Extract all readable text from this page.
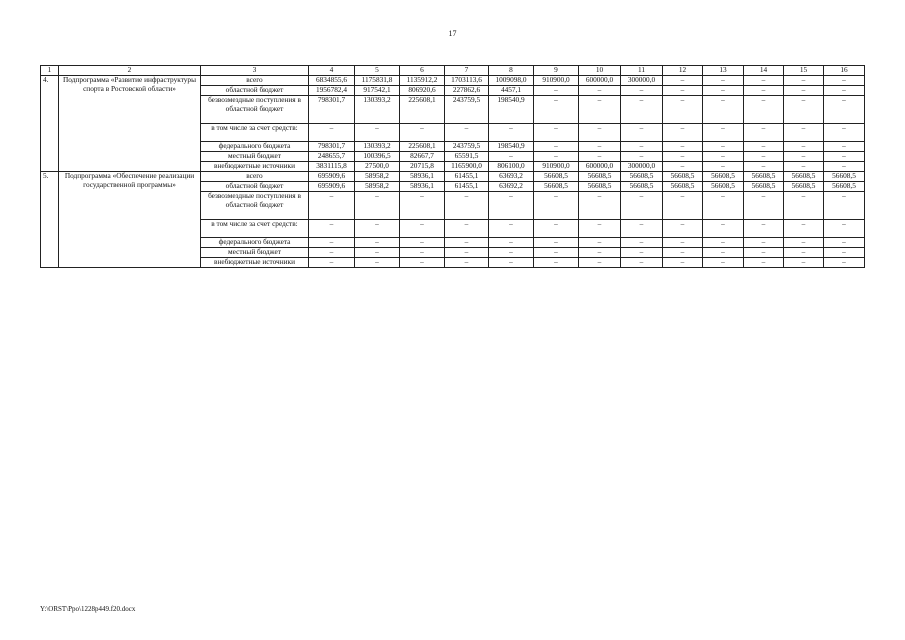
17
1	2	3	4	5	6	7	8	9	10	11	12	13	14	15	16
4.	Подпрограмма «Развитие инфраструктуры спорта в Ростовской области»	всего	6834855,6	1175831,8	1135912,2	1703113,6	1009098,0	910900,0	600000,0	300000,0	–	–	–	–	–
		областной бюджет	1956782,4	917542,1	806920,6	227862,6	4457,1	–	–	–	–	–	–	–	–
		безвозмездные поступления в областной бюджет	798301,7	130393,2	225608,1	243759,5	198540,9	–	–	–	–	–	–	–	–
		в том числе за счет средств:	–	–	–	–	–	–	–	–	–	–	–	–	–
		федерального бюджета	798301,7	130393,2	225608,1	243759,5	198540,9	–	–	–	–	–	–	–	–
		местный бюджет	248655,7	100396,5	82667,7	65591,5	–	–	–	–	–	–	–	–	–
		внебюджетные источники	3831115,8	27500,0	20715,8	1165900,0	806100,0	910900,0	600000,0	300000,0	–	–	–	–	–
5.	Подпрограмма «Обеспечение реализации государственной программы»	всего	695909,6	58958,2	58936,1	61455,1	63693,2	56608,5	56608,5	56608,5	56608,5	56608,5	56608,5	56608,5	56608,5
		областной бюджет	695909,6	58958,2	58936,1	61455,1	63692,2	56608,5	56608,5	56608,5	56608,5	56608,5	56608,5	56608,5	56608,5
		безвозмездные поступления в областной бюджет	–	–	–	–	–	–	–	–	–	–	–	–	–
		в том числе за счет средств:	–	–	–	–	–	–	–	–	–	–	–	–	–
		федерального бюджета	–	–	–	–	–	–	–	–	–	–	–	–	–
		местный бюджет	–	–	–	–	–	–	–	–	–	–	–	–	–
		внебюджетные источники	–	–	–	–	–	–	–	–	–	–	–	–	–
Y:\ORST\Ppo\1228p449.f20.docx
